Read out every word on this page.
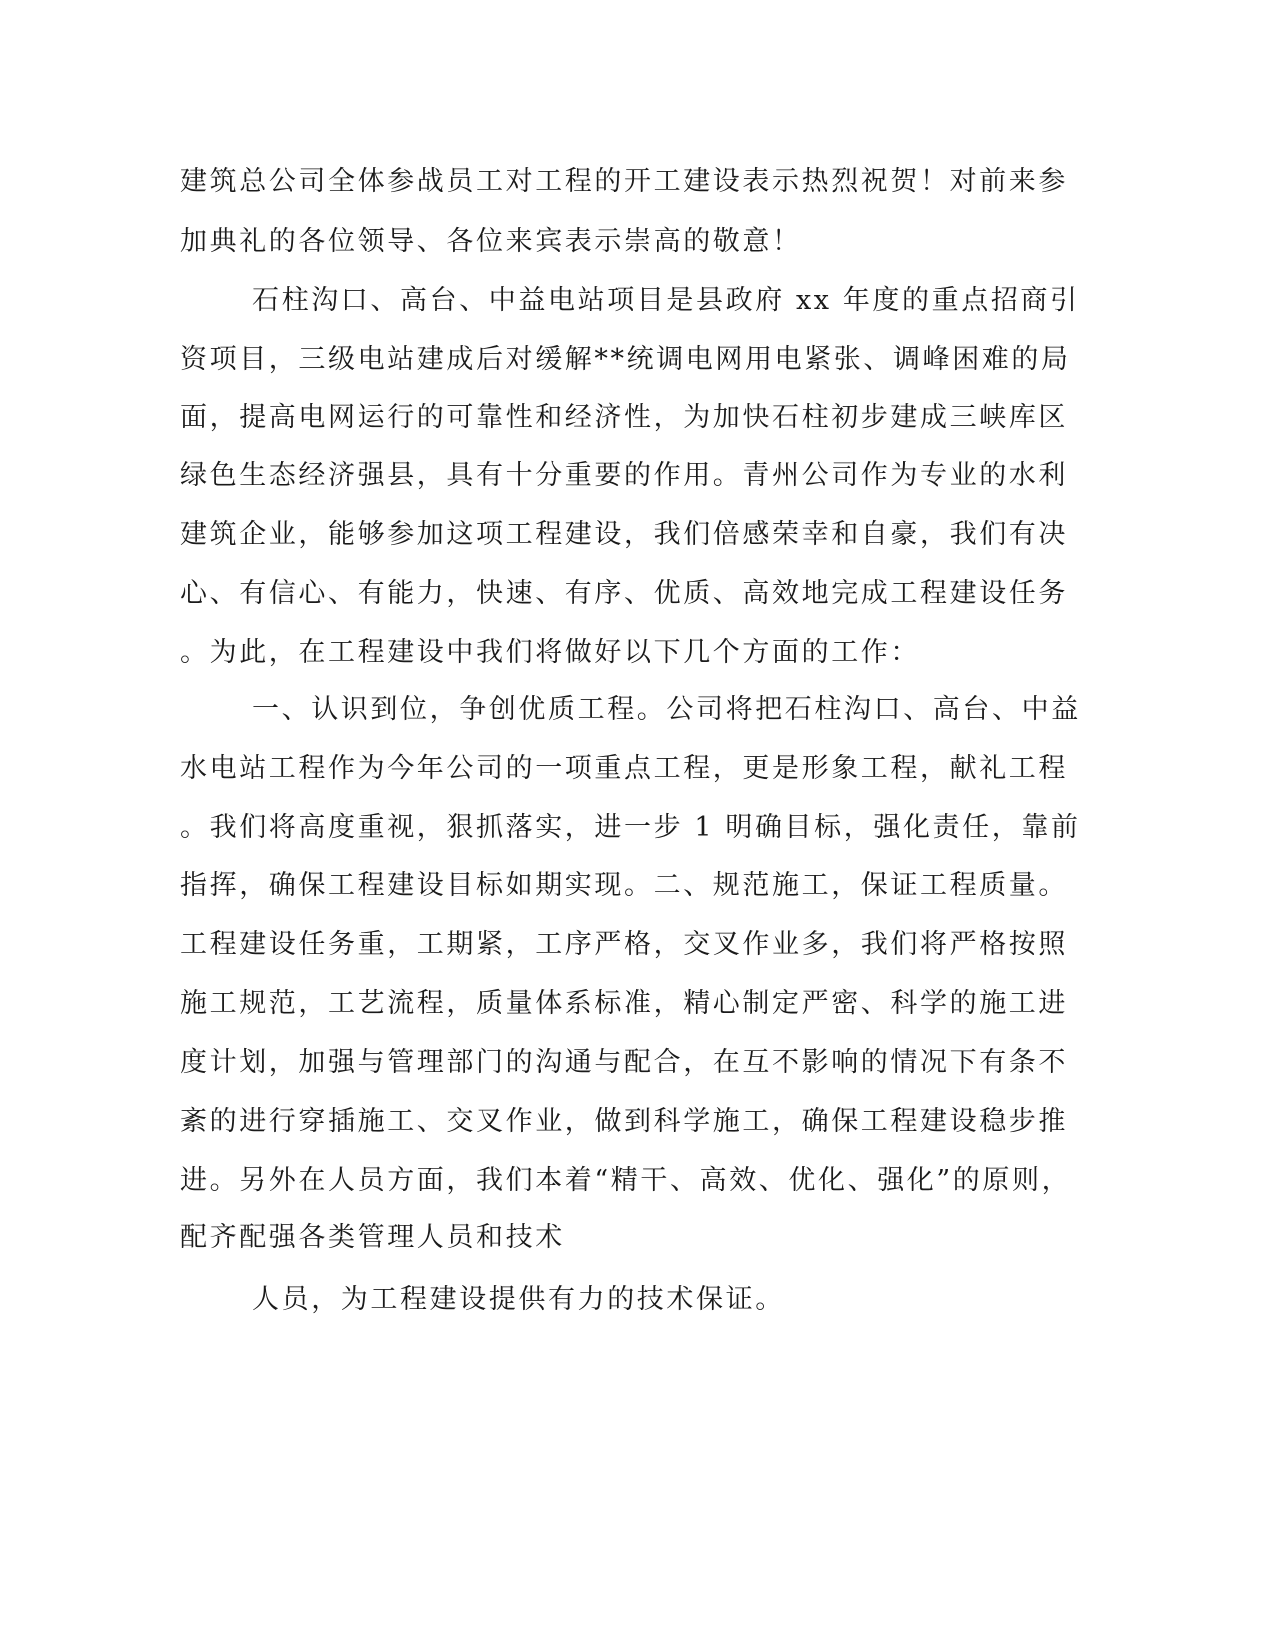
建筑总公司全体参战员工对工程的开工建设表示热烈祝贺！对前来参
加典礼的各位领导、各位来宾表示崇高的敬意！
石柱沟口、高台、中益电站项目是县政府 xx 年度的重点招商引
资项目，三级电站建成后对缓解**统调电网用电紧张、调峰困难的局
面，提高电网运行的可靠性和经济性，为加快石柱初步建成三峡库区
绿色生态经济强县，具有十分重要的作用。青州公司作为专业的水利
建筑企业，能够参加这项工程建设，我们倍感荣幸和自豪，我们有决
心、有信心、有能力，快速、有序、优质、高效地完成工程建设任务
。为此，在工程建设中我们将做好以下几个方面的工作：
一、认识到位，争创优质工程。公司将把石柱沟口、高台、中益
水电站工程作为今年公司的一项重点工程，更是形象工程，献礼工程
。我们将高度重视，狠抓落实，进一步 1 明确目标，强化责任，靠前
指挥，确保工程建设目标如期实现。二、规范施工，保证工程质量。
工程建设任务重，工期紧，工序严格，交叉作业多，我们将严格按照
施工规范，工艺流程，质量体系标准，精心制定严密、科学的施工进
度计划，加强与管理部门的沟通与配合，在互不影响的情况下有条不
紊的进行穿插施工、交叉作业，做到科学施工，确保工程建设稳步推
进。另外在人员方面，我们本着“精干、高效、优化、强化”的原则，
配齐配强各类管理人员和技术
人员，为工程建设提供有力的技术保证。
